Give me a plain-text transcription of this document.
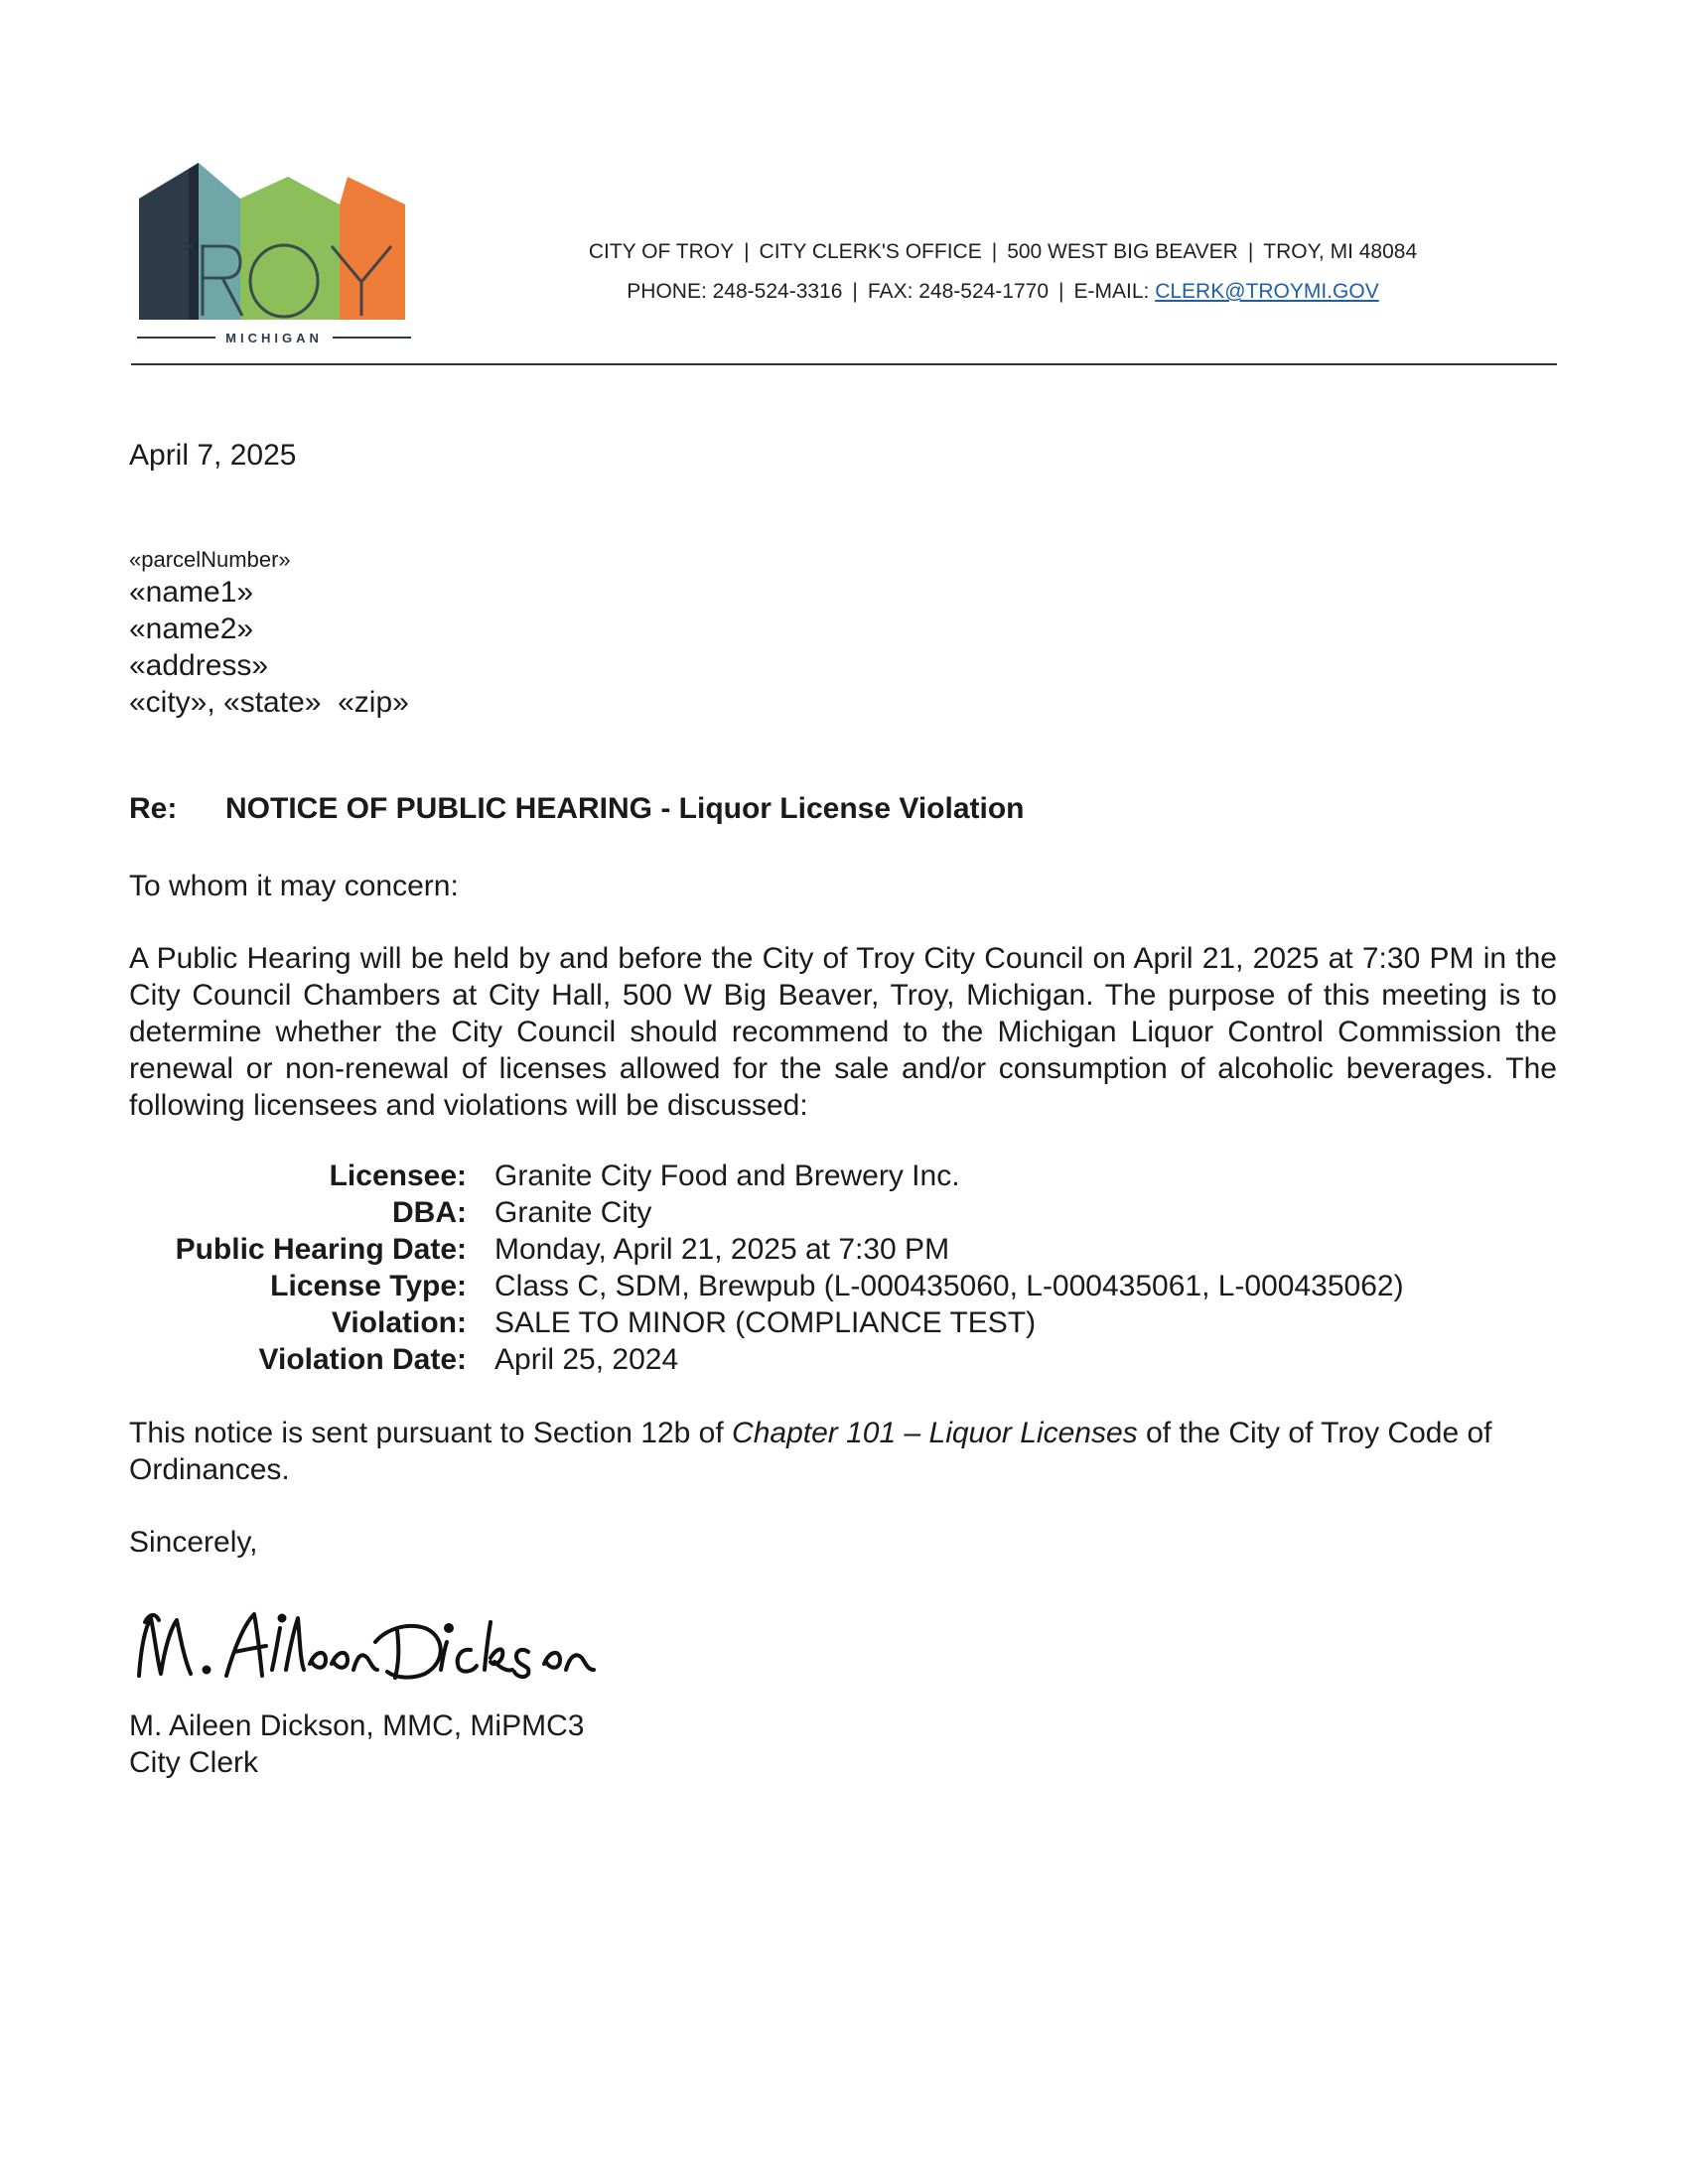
MICHIGAN
CITY OF TROY | CITY CLERK'S OFFICE | 500 WEST BIG BEAVER | TROY, MI 48084
PHONE: 248-524-3316 | FAX: 248-524-1770 | E-MAIL: CLERK@TROYMI.GOV
April 7, 2025
«parcelNumber»
«name1»
«name2»
«address»
«city», «state»  «zip»
Re: NOTICE OF PUBLIC HEARING - Liquor License Violation
To whom it may concern:
A Public Hearing will be held by and before the City of Troy City Council on April 21, 2025 at 7:30 PM in the City Council Chambers at City Hall, 500 W Big Beaver, Troy, Michigan. The purpose of this meeting is to determine whether the City Council should recommend to the Michigan Liquor Control Commission the renewal or non-renewal of licenses allowed for the sale and/or consumption of alcoholic beverages. The following licensees and violations will be discussed:
Licensee: Granite City Food and Brewery Inc.
DBA: Granite City
Public Hearing Date: Monday, April 21, 2025 at 7:30 PM
License Type: Class C, SDM, Brewpub (L-000435060, L-000435061, L-000435062)
Violation: SALE TO MINOR (COMPLIANCE TEST)
Violation Date: April 25, 2024
This notice is sent pursuant to Section 12b of Chapter 101 – Liquor Licenses of the City of Troy Code of Ordinances.
Sincerely,
M. Aileen Dickson, MMC, MiPMC3
City Clerk
